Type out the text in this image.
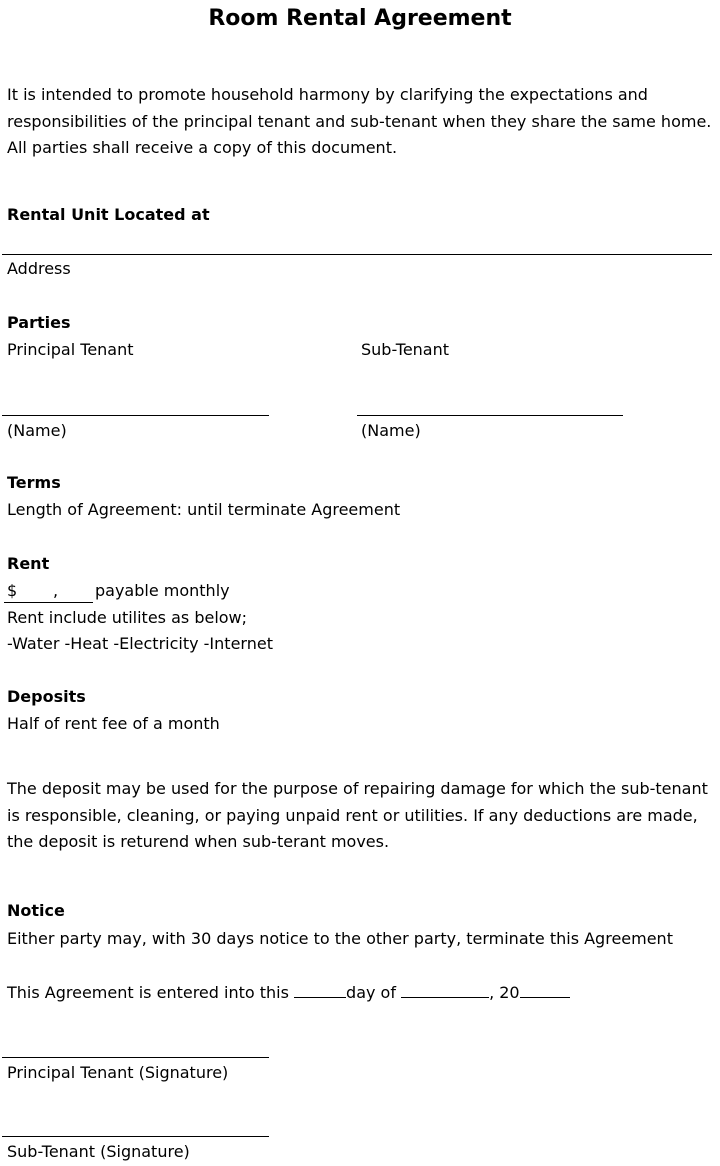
Room Rental Agreement
It is intended to promote household harmony by clarifying the expectations and responsibilities of the principal tenant and sub-tenant when they share the same home. All parties shall receive a copy of this document.
Rental Unit Located at
Address
Parties
Principal Tenant	Sub-Tenant
(Name)	(Name)
Terms
Length of Agreement: until terminate Agreement
Rent
$ , payable monthly
Rent include utilites as below;
-Water -Heat -Electricity -Internet
Deposits
Half of rent fee of a month
The deposit may be used for the purpose of repairing damage for which the sub-tenant is responsible, cleaning, or paying unpaid rent or utilities. If any deductions are made, the deposit is returend when sub-terant moves.
Notice
Either party may, with 30 days notice to the other party, terminate this Agreement
This Agreement is entered into this	day of	, 20
Principal Tenant (Signature)
Sub-Tenant (Signature)
